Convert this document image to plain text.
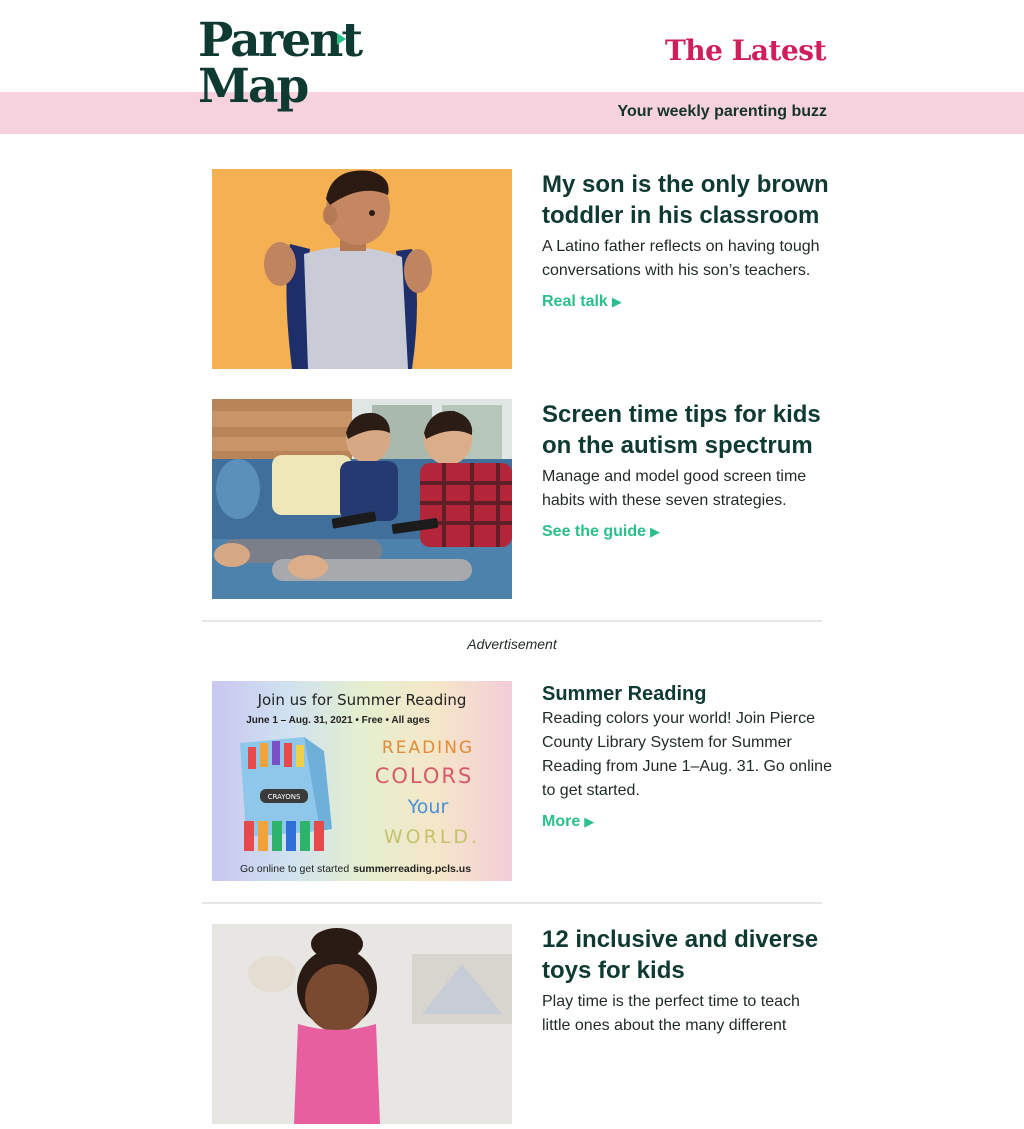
Parent
Map
The Latest
Your weekly parenting buzz
My son is the only brown toddler in his classroom

A Latino father reflects on having tough conversations with his son’s teachers.

Real talk ▶
Screen time tips for kids on the autism spectrum

Manage and model good screen time habits with these seven strategies.

See the guide ▶
Advertisement
Join us for Summer Reading
June 1 – Aug. 31, 2021 • Free • All ages
CRAYONS
READING
COLORS
Your
WORLD.
Go online to get started summerreading.pcls.us
Summer Reading

Reading colors your world! Join Pierce County Library System for Summer Reading from June 1–Aug. 31. Go online to get started.

More ▶
12 inclusive and diverse toys for kids

Play time is the perfect time to teach little ones about the many different
